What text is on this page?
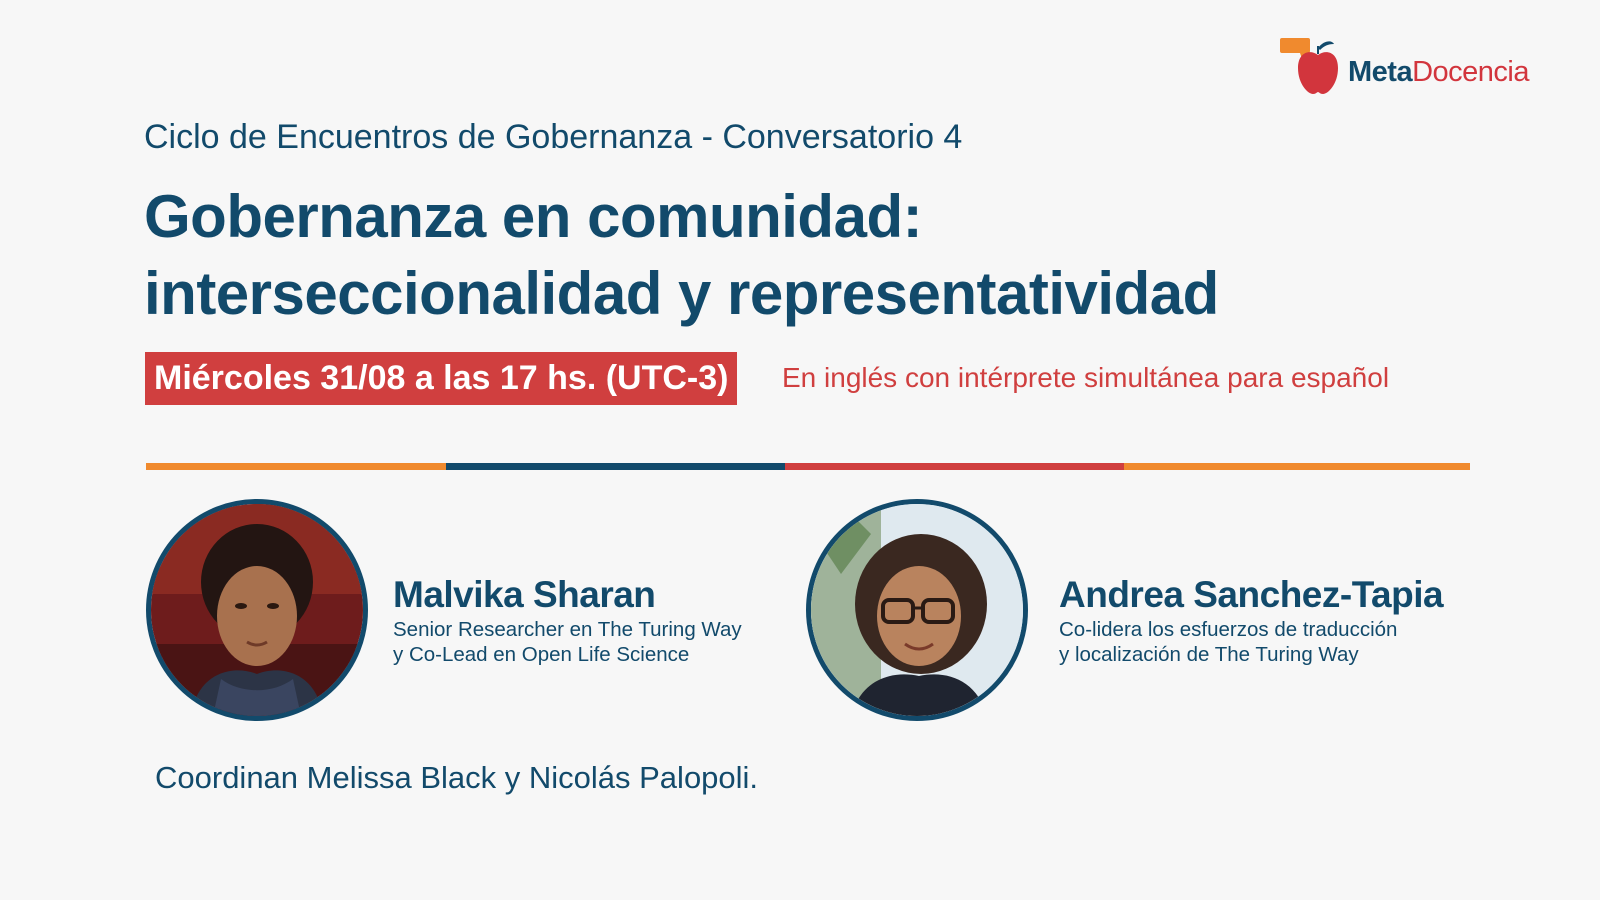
MetaDocencia
Ciclo de Encuentros de Gobernanza - Conversatorio 4
Gobernanza en comunidad:
interseccionalidad y representatividad
Miércoles 31/08 a las 17 hs. (UTC-3)	En inglés con intérprete simultánea para español
Malvika Sharan
Senior Researcher en The Turing Way
y Co-Lead en Open Life Science
Andrea Sanchez-Tapia
Co-lidera los esfuerzos de traducción
y localización de The Turing Way
Coordinan Melissa Black y Nicolás Palopoli.
